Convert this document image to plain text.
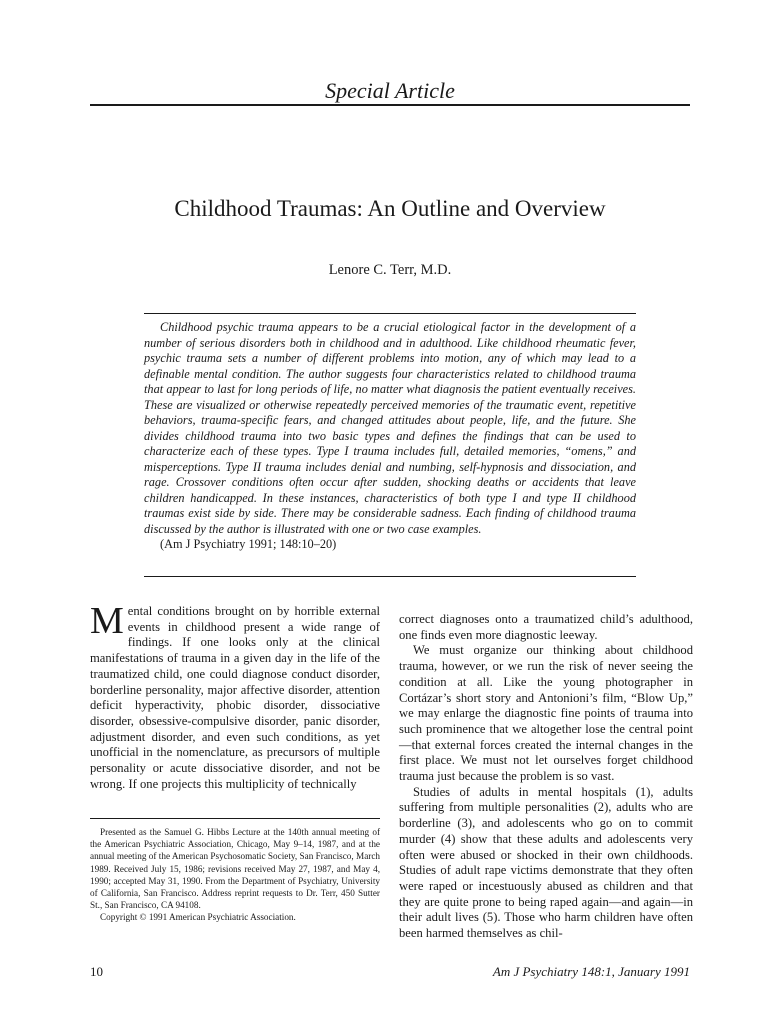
Special Article
Childhood Traumas: An Outline and Overview
Lenore C. Terr, M.D.

Childhood psychic trauma appears to be a crucial etiological factor in the development of a number of serious disorders both in childhood and in adulthood. Like childhood rheumatic fever, psychic trauma sets a number of different problems into motion, any of which may lead to a definable mental condition. The author suggests four characteristics related to childhood trauma that appear to last for long periods of life, no matter what diagnosis the patient eventually receives. These are visualized or otherwise repeatedly perceived memories of the traumatic event, repetitive behaviors, trauma-specific fears, and changed attitudes about people, life, and the future. She divides childhood trauma into two basic types and defines the findings that can be used to characterize each of these types. Type I trauma includes full, detailed memories, “omens,” and misperceptions. Type II trauma includes denial and numbing, self-hypnosis and dissociation, and rage. Crossover conditions often occur after sudden, shocking deaths or accidents that leave children handicapped. In these instances, characteristics of both type I and type II childhood traumas exist side by side. There may be considerable sadness. Each finding of childhood trauma discussed by the author is illustrated with one or two case examples.

(Am J Psychiatry 1991; 148:10–20)

Mental conditions brought on by horrible external events in childhood present a wide range of findings. If one looks only at the clinical manifestations of trauma in a given day in the life of the traumatized child, one could diagnose conduct disorder, borderline personality, major affective disorder, attention deficit hyperactivity, phobic disorder, dissociative disorder, obsessive-compulsive disorder, panic disorder, adjustment disorder, and even such conditions, as yet unofficial in the nomenclature, as precursors of multiple personality or acute dissociative disorder, and not be wrong. If one projects this multiplicity of technically

Presented as the Samuel G. Hibbs Lecture at the 140th annual meeting of the American Psychiatric Association, Chicago, May 9–14, 1987, and at the annual meeting of the American Psychosomatic Society, San Francisco, March 1989. Received July 15, 1986; revisions received May 27, 1987, and May 4, 1990; accepted May 31, 1990. From the Department of Psychiatry, University of California, San Francisco. Address reprint requests to Dr. Terr, 450 Sutter St., San Francisco, CA 94108.

Copyright © 1991 American Psychiatric Association.

correct diagnoses onto a traumatized child’s adulthood, one finds even more diagnostic leeway.

We must organize our thinking about childhood trauma, however, or we run the risk of never seeing the condition at all. Like the young photographer in Cortázar’s short story and Antonioni’s film, “Blow Up,” we may enlarge the diagnostic fine points of trauma into such prominence that we altogether lose the central point—that external forces created the internal changes in the first place. We must not let ourselves forget childhood trauma just because the problem is so vast.

Studies of adults in mental hospitals (1), adults suffering from multiple personalities (2), adults who are borderline (3), and adolescents who go on to commit murder (4) show that these adults and adolescents very often were abused or shocked in their own childhoods. Studies of adult rape victims demonstrate that they often were raped or incestuously abused as children and that they are quite prone to being raped again—and again—in their adult lives (5). Those who harm children have often been harmed themselves as chil-

10	Am J Psychiatry 148:1, January 1991
